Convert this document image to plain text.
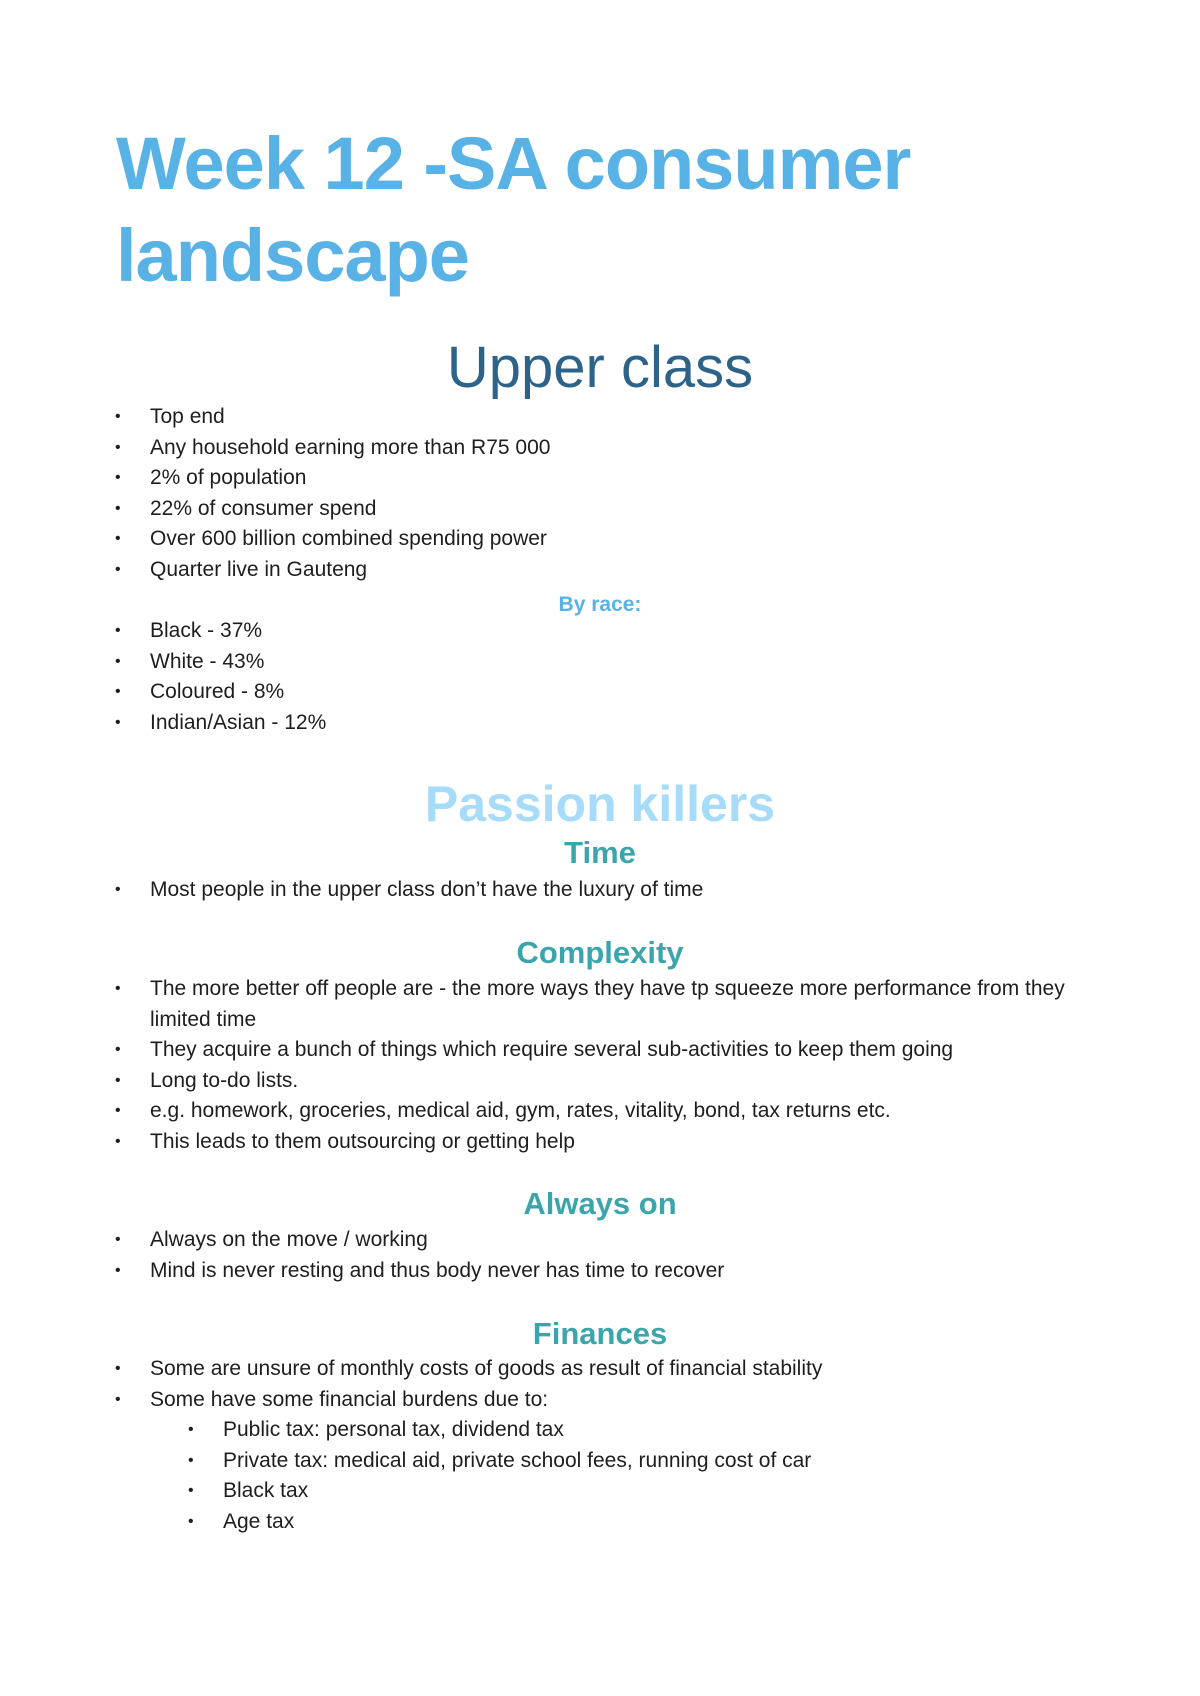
Week 12 -SA consumer landscape
Upper class
• Top end
• Any household earning more than R75 000
• 2% of population
• 22% of consumer spend
• Over 600 billion combined spending power
• Quarter live in Gauteng
By race:
• Black - 37%
• White - 43%
• Coloured - 8%
• Indian/Asian - 12%
Passion killers
Time
• Most people in the upper class don’t have the luxury of time
Complexity
• The more better off people are - the more ways they have tp squeeze more performance from they limited time
• They acquire a bunch of things which require several sub-activities to keep them going
• Long to-do lists.
• e.g. homework, groceries, medical aid, gym, rates, vitality, bond, tax returns etc.
• This leads to them outsourcing or getting help
Always on
• Always on the move / working
• Mind is never resting and thus body never has time to recover
Finances
• Some are unsure of monthly costs of goods as result of financial stability
• Some have some financial burdens due to:
• Public tax: personal tax, dividend tax
• Private tax: medical aid, private school fees, running cost of car
• Black tax
• Age tax
